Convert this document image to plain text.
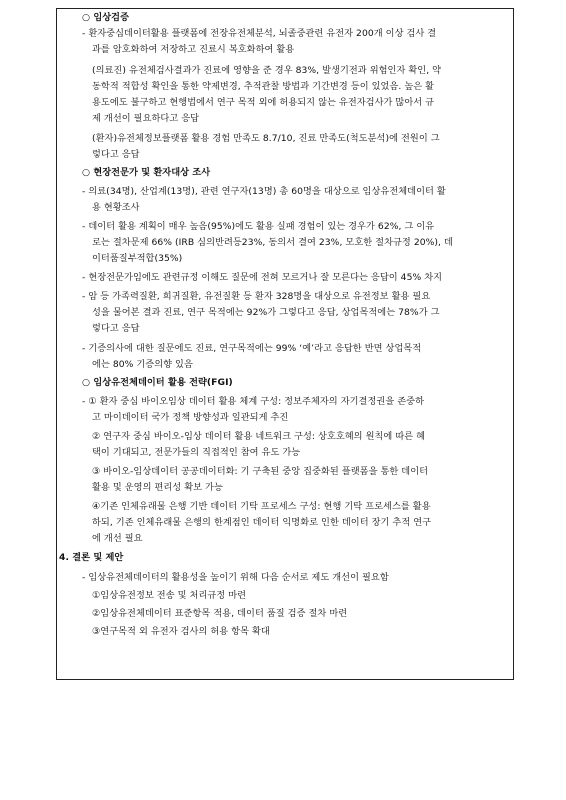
○ 임상검증
- 환자중심데이터활용 플랫폼에 전장유전체분석, 뇌졸중관련 유전자 200개 이상 검사 결
과를 암호화하여 저장하고 진료시 복호화하여 활용
(의료진) 유전체검사결과가 진료에 영향을 준 경우 83%, 발생기전과 위험인자 확인, 약
동학적 적합성 확인을 통한 약제변경, 추적관찰 방법과 기간변경 등이 있었음. 높은 활
용도에도 불구하고 현행법에서 연구 목적 외에 허용되지 않는 유전자검사가 많아서 규
제 개선이 필요하다고 응답
(환자)유전체정보플랫폼 활용 경험 만족도 8.7/10, 진료 만족도(척도분석)에 전원이 그
렇다고 응답
○ 현장전문가 및 환자대상 조사
- 의료(34명), 산업계(13명), 관련 연구자(13명) 총 60명을 대상으로 임상유전체데이터 활
용 현황조사
- 데이터 활용 계획이 매우 높음(95%)에도 활용 실패 경험이 있는 경우가 62%, 그 이유
로는 절차문제 66% (IRB 심의반려등23%, 동의서 결여 23%, 모호한 절차규정 20%), 데
이터품질부적합(35%)
- 현장전문가임에도 관련규정 이해도 질문에 전혀 모르거나 잘 모른다는 응답이 45% 차지
- 암 등 가족력질환, 희귀질환, 유전질환 등 환자 328명을 대상으로 유전정보 활용 필요
성을 물어본 결과 진료, 연구 목적에는 92%가 그렇다고 응답, 상업목적에는 78%가 그
렇다고 응답
- 기증의사에 대한 질문에도 진료, 연구목적에는 99% ‘예’라고 응답한 반면 상업목적
에는 80% 기증의향 있음
○ 임상유전체데이터 활용 전략(FGI)
- ① 환자 중심 바이오임상 데이터 활용 체계 구성: 정보주체자의 자기결정권을 존중하
고 마이데이터 국가 정책 방향성과 일관되게 추진
② 연구자 중심 바이오-임상 데이터 활용 네트워크 구성: 상호호혜의 원칙에 따른 혜
택이 기대되고, 전문가들의 직접적인 참여 유도 가능
③ 바이오-임상데이터 공공데이터화: 기 구축된 중앙 집중화된 플랫폼을 통한 데이터
활용 및 운영의 편리성 확보 가능
④기존 인체유래물 은행 기반 데이터 기탁 프로세스 구성: 현행 기탁 프로세스를 활용
하되, 기존 인체유래물 은행의 한계점인 데이터 익명화로 인한 데이터 장기 추적 연구
에 개선 필요
4. 결론 및 제안
- 임상유전체데이터의 활용성을 높이기 위해 다음 순서로 제도 개선이 필요함
①임상유전정보 전송 및 처리규정 마련
②임상유전체데이터 표준항목 적용, 데이터 품질 검증 절차 마련
③연구목적 외 유전자 검사의 허용 항목 확대
